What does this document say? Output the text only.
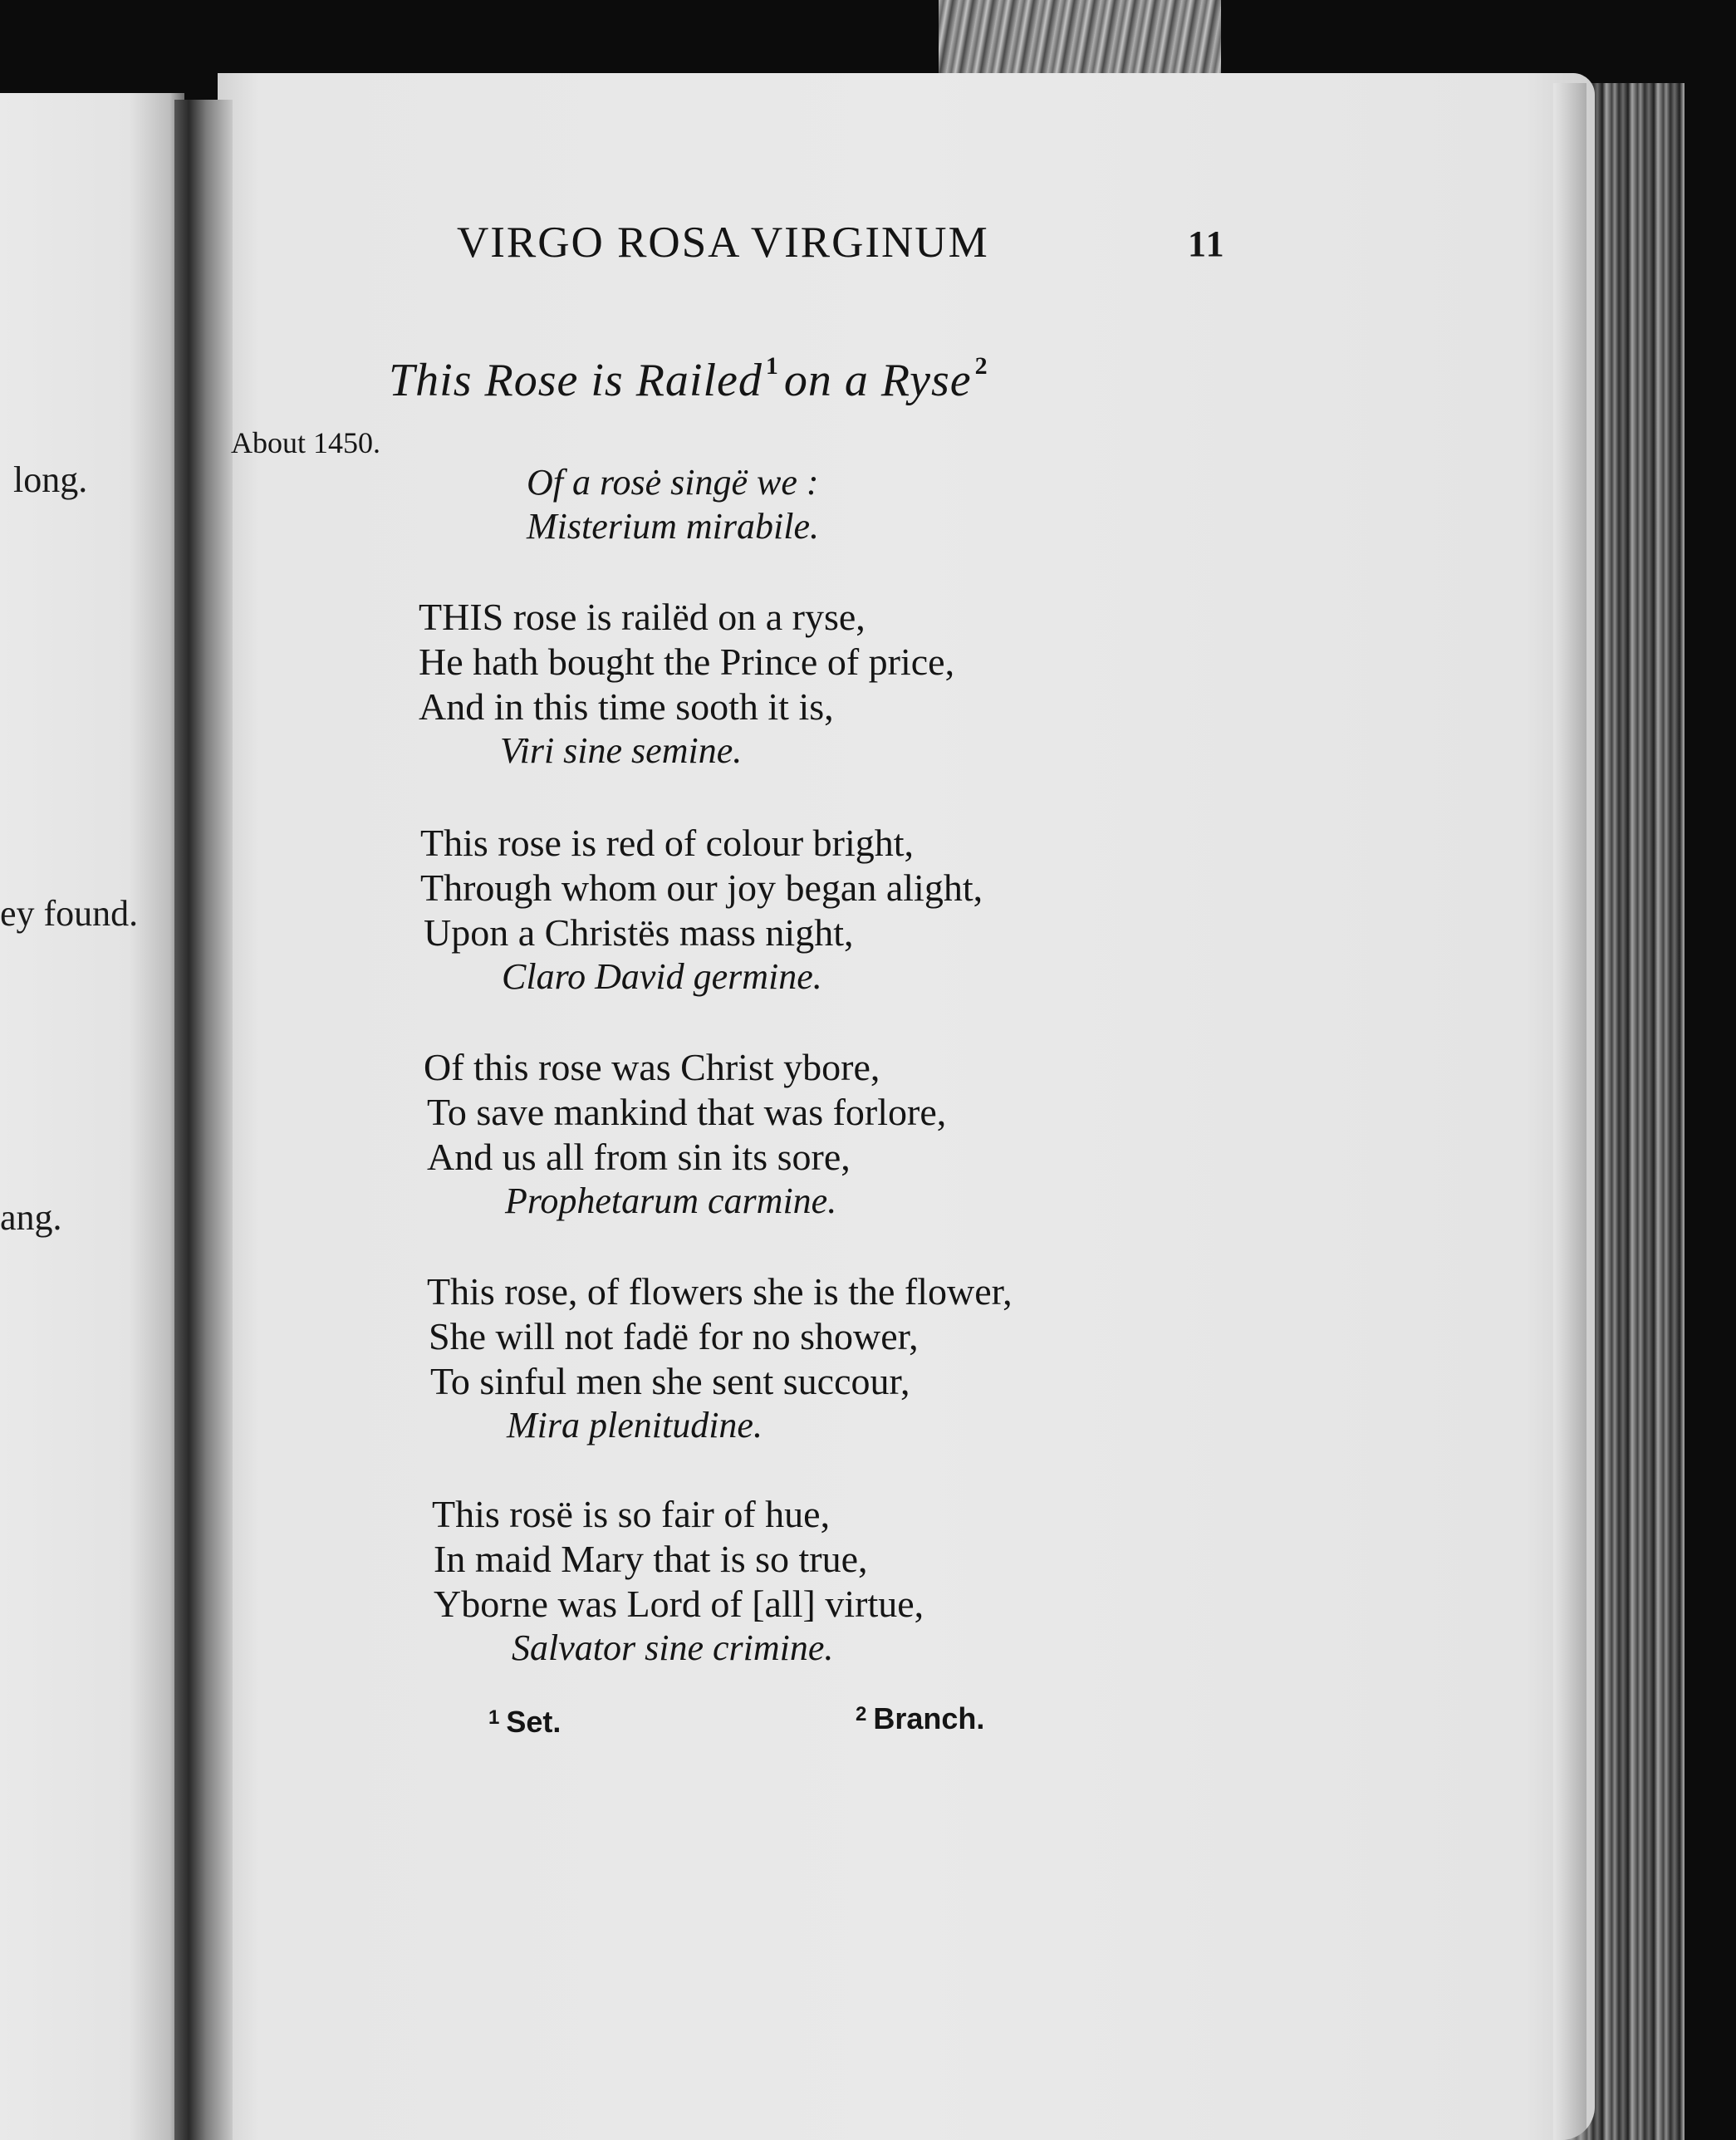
long.
ey found.
ang.
VIRGO ROSA VIRGINUM	11
This Rose is Railed $^1$ on a Ryse $^2$
About 1450.
Of a rosė singë we :
Misterium mirabile.
THIS rose is railëd on a ryse,
He hath bought the Prince of price,
And in this time sooth it is,
Viri sine semine.
This rose is red of colour bright,
Through whom our joy began alight,
Upon a Christës mass night,
Claro David germine.
Of this rose was Christ ybore,
To save mankind that was forlore,
And us all from sin its sore,
Prophetarum carmine.
This rose, of flowers she is the flower,
She will not fadë for no shower,
To sinful men she sent succour,
Mira plenitudine.
This rosë is so fair of hue,
In maid Mary that is so true,
Yborne was Lord of [all] virtue,
Salvator sine crimine.
$^1$ Set.	$^2$ Branch.
